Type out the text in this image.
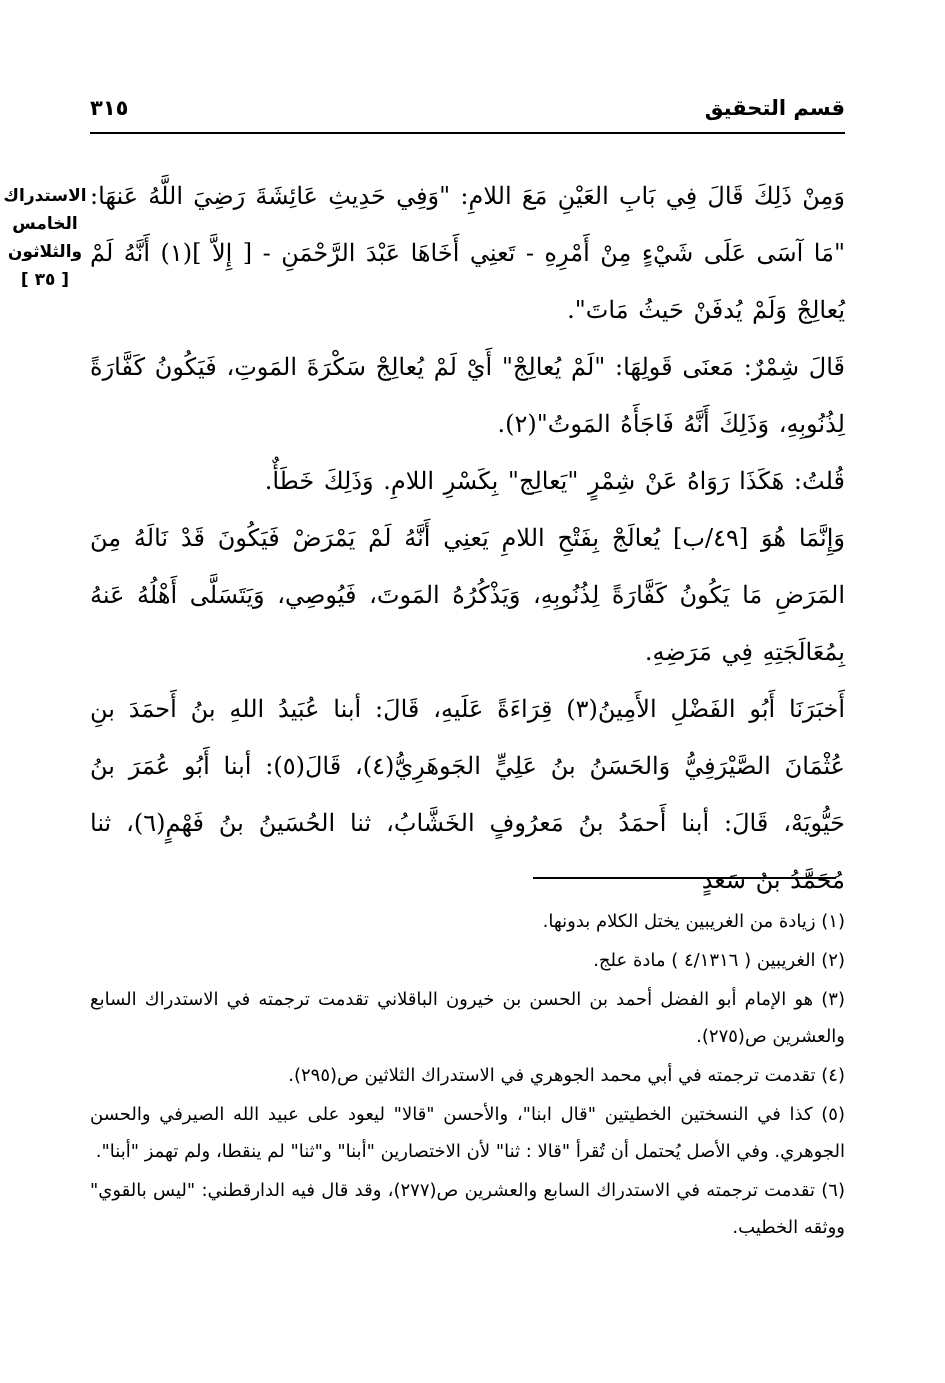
قسم التحقيق
٣١٥
الاستدراك
الخامس
والثلاثون
[ ٣٥ ]

وَمِنْ ذَلِكَ قَالَ فِي بَابِ العَيْنِ مَعَ اللامِ: "وَفِي حَدِيثِ عَائِشَةَ رَضِيَ اللَّهُ عَنهَا: "مَا آسَى عَلَى شَيْءٍ مِنْ أَمْرِهِ - تَعنِي أَخَاهَا عَبْدَ الرَّحْمَنِ - [ إِلاَّ ](١) أَنَّهُ لَمْ يُعالِجْ وَلَمْ يُدفَنْ حَيثُ مَاتَ".

قَالَ شِمْرٌ: مَعنَى قَولِهَا: "لَمْ يُعالِجْ" أَيْ لَمْ يُعالِجْ سَكْرَةَ المَوتِ، فَيَكُونُ كَفَّارَةً لِذُنُوبِهِ، وَذَلِكَ أَنَّهُ فَاجَأَهُ المَوتُ"(٢).

قُلتُ: هَكَذَا رَوَاهُ عَنْ شِمْرٍ "يَعالِج" بِكَسْرِ اللامِ. وَذَلِكَ خَطَأٌ.

وَإِنَّمَا هُوَ [٤٩/ب] يُعالَجْ بِفَتْحِ اللامِ يَعنِي أَنَّهُ لَمْ يَمْرَضْ فَيَكُونَ قَدْ نَالَهُ مِنَ المَرَضِ مَا يَكُونُ كَفَّارَةً لِذُنُوبِهِ، وَيَذْكُرُهُ المَوتَ، فَيُوصِي، وَيَتَسَلَّى أَهْلُهُ عَنهُ بِمُعَالَجَتِهِ فِي مَرَضِهِ.

أَخبَرَنَا أَبُو الفَضْلِ الأَمِينُ(٣) قِرَاءَةً عَلَيهِ، قَالَ: أبنا عُبَيدُ اللهِ بنُ أَحمَدَ بنِ عُثْمَانَ الصَّيْرَفِيُّ وَالحَسَنُ بنُ عَلِيٍّ الجَوهَرِيُّ(٤)، قَالَ(٥): أبنا أَبُو عُمَرَ بنُ حَيُّويَهْ، قَالَ: أبنا أَحمَدُ بنُ مَعرُوفٍ الخَشَّابُ، ثنا الحُسَينُ بنُ فَهْمٍ(٦)، ثنا مُحَمَّدُ بنُ سَعدٍ

(١) زيادة من الغريبين يختل الكلام بدونها.

(٢) الغريبين ( ٤/١٣١٦ ) مادة علج.

(٣) هو الإمام أبو الفضل أحمد بن الحسن بن خيرون الباقلاني تقدمت ترجمته في الاستدراك السابع والعشرين ص(٢٧٥).

(٤) تقدمت ترجمته في أبي محمد الجوهري في الاستدراك الثلاثين ص(٢٩٥).

(٥) كذا في النسختين الخطيتين "قال ابنا"، والأحسن "قالا" ليعود على عبيد الله الصيرفي والحسن الجوهري. وفي الأصل يُحتمل أن تُقرأ "قالا : ثنا" لأن الاختصارين "أبنا" و"ثنا" لم ينقطا، ولم تهمز "أبنا".

(٦) تقدمت ترجمته في الاستدراك السابع والعشرين ص(٢٧٧)، وقد قال فيه الدارقطني: "ليس بالقوي" ووثقه الخطيب.
